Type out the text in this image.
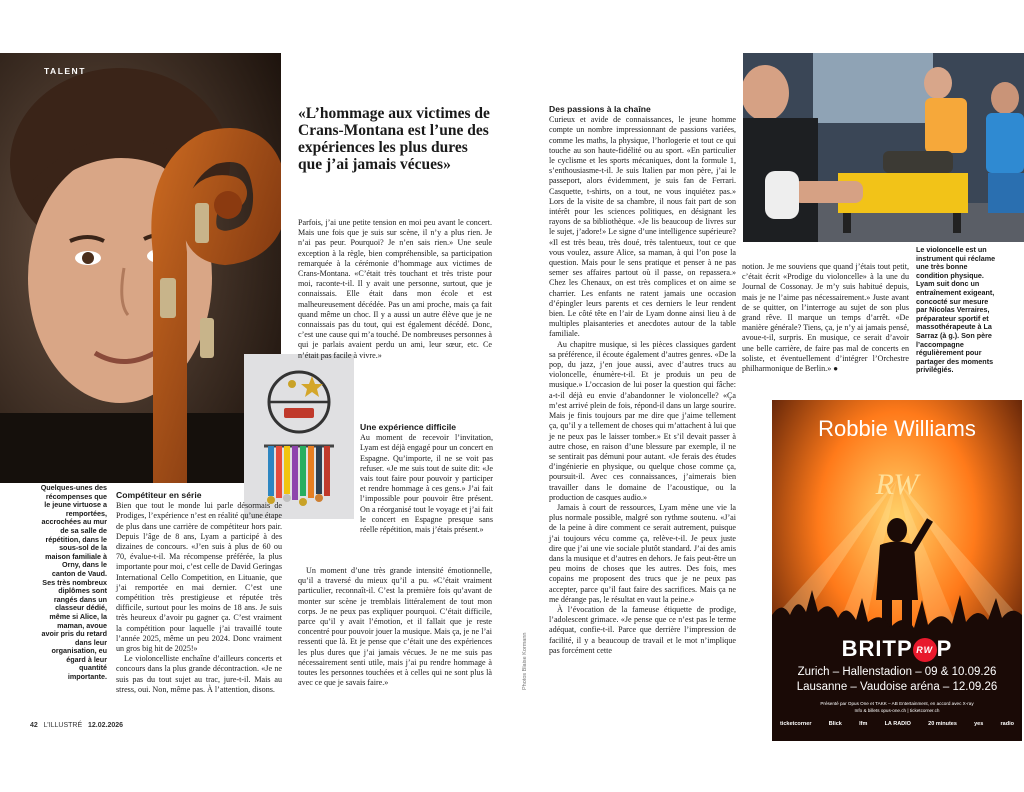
TALENT
«L’hommage aux victimes de Crans-Montana est l’une des expériences les plus dures que j’ai jamais vécues»
Quelques-unes des récompenses que le jeune virtuose a remportées, accrochées au mur de sa salle de répétition, dans le sous-sol de la maison familiale à Orny, dans le canton de Vaud. Ses très nombreux diplômes sont rangés dans un classeur dédié, même si Alice, la maman, avoue avoir pris du retard dans leur organisation, eu égard à leur quantité importante.
Compétiteur en série

Bien que tout le monde lui parle désormais de Prodiges, l’expérience n’est en réalité qu’une étape de plus dans une carrière de compétiteur hors pair. Depuis l’âge de 8 ans, Lyam a participé à des dizaines de concours. «J’en suis à plus de 60 ou 70, évalue-t-il. Ma récompense préférée, la plus importante pour moi, c’est celle de David Geringas International Cello Competition, en Lituanie, que j’ai remportée en mai dernier. C’est une compétition très prestigieuse et réputée très difficile, surtout pour les moins de 18 ans. Je suis très heureux d’avoir pu gagner ça. C’est vraiment la compétition pour laquelle j’ai travaillé toute l’année 2025, même un peu 2024. Donc vraiment un gros big hit de 2025!»

Le violoncelliste enchaîne d’ailleurs concerts et concours dans la plus grande décontraction. «Je ne suis pas du tout sujet au trac, jure-t-il. Mais au stress, oui. Non, même pas. À l’attention, disons.

Parfois, j’ai une petite tension en moi peu avant le concert. Mais une fois que je suis sur scène, il n’y a plus rien. Je n’ai pas peur. Pourquoi? Je n’en sais rien.» Une seule exception à la règle, bien compréhensible, sa participation remarquée à la cérémonie d’hommage aux victimes de Crans-Montana. «C’était très touchant et très triste pour moi, raconte-t-il. Il y avait une personne, surtout, que je connaissais. Elle était dans mon école et est malheureusement décédée. Pas un ami proche, mais ça fait quand même un choc. Il y a aussi un autre élève que je ne connaissais pas du tout, qui est également décédé. Donc, c’est une cause qui m’a touché. De nombreuses personnes à qui je parlais avaient perdu un ami, leur sœur, etc. Ce n’était pas facile à vivre.»

Une expérience difficile

Au moment de recevoir l’invitation, Lyam est déjà engagé pour un concert en Espagne. Qu’importe, il ne se voit pas refuser. «Je me suis tout de suite dit: «Je vais tout faire pour pouvoir y participer et rendre hommage à ces gens.» J’ai fait l’impossible pour pouvoir être présent. On a réorganisé tout le voyage et j’ai fait le concert en Espagne presque sans réelle répétition, mais j’étais présent.»

Un moment d’une très grande intensité émotionnelle, qu’il a traversé du mieux qu’il a pu. «C’était vraiment particulier, reconnaît-il. C’est la première fois qu’avant de monter sur scène je tremblais littéralement de tout mon corps. Je ne peux pas expliquer pourquoi. C’était difficile, parce qu’il y avait l’émotion, et il fallait que je reste concentré pour pouvoir jouer la musique. Mais ça, je ne l’ai ressenti que là. Et je pense que c’était une des expériences les plus dures que j’ai jamais vécues. Je ne me suis pas nécessairement senti utile, mais j’ai pu rendre hommage à toutes les personnes touchées et à celles qui ne sont plus là avec ce que je savais faire.»

42 L’ILLUSTRÉ 12.02.2026
Des passions à la chaîne

Curieux et avide de connaissances, le jeune homme compte un nombre impressionnant de passions variées, comme les maths, la physique, l’horlogerie et tout ce qui touche au son haute-fidélité ou au sport. «En particulier le cyclisme et les sports mécaniques, dont la formule 1, s’enthousiasme-t-il. Je suis Italien par mon père, j’ai le passeport, alors évidemment, je suis fan de Ferrari. Casquette, t-shirts, on a tout, ne vous inquiétez pas.» Lors de la visite de sa chambre, il nous fait part de son intérêt pour les sciences politiques, en désignant les rayons de sa bibliothèque. «Je lis beaucoup de livres sur le sujet, j’adore!» Le signe d’une intelligence supérieure? «Il est très beau, très doué, très talentueux, tout ce que vous voulez, assure Alice, sa maman, à qui l’on pose la question. Mais pour le sens pratique et penser à ne pas semer ses affaires partout où il passe, on repassera.» Chez les Chenaux, on est très complices et on aime se charrier. Les enfants ne ratent jamais une occasion d’épingler leurs parents et ces derniers le leur rendent bien. Le côté tête en l’air de Lyam donne ainsi lieu à de multiples plaisanteries et anecdotes autour de la table familiale.

Au chapitre musique, si les pièces classiques gardent sa préférence, il écoute également d’autres genres. «De la pop, du jazz, j’en joue aussi, avec d’autres trucs au violoncelle, énumère-t-il. Et je produis un peu de musique.» L’occasion de lui poser la question qui fâche: a-t-il déjà eu envie d’abandonner le violoncelle? «Ça m’est arrivé plein de fois, répond-il dans un large sourire. Mais je finis toujours par me dire que j’aime tellement ça, qu’il y a tellement de choses qui m’attachent à lui que je ne peux pas le laisser tomber.» Et s’il devait passer à autre chose, en raison d’une blessure par exemple, il ne se sentirait pas démuni pour autant. «Je ferais des études d’ingénierie en physique, ou quelque chose comme ça, poursuit-il. Avec ces connaissances, j’aimerais bien travailler dans le domaine de l’acoustique, ou la production de casques audio.»

Jamais à court de ressources, Lyam mène une vie la plus normale possible, malgré son rythme soutenu. «J’ai de la peine à dire comment ce serait autrement, puisque j’ai toujours vécu comme ça, relève-t-il. Je peux juste dire que j’ai une vie sociale plutôt standard. J’ai des amis dans la musique et d’autres en dehors. Je fais peut-être un peu moins de choses que les autres. Des fois, mes copains me proposent des trucs que je ne peux pas accepter, parce qu’il faut faire des sacrifices. Mais ça ne me dérange pas, le résultat en vaut la peine.»

À l’évocation de la fameuse étiquette de prodige, l’adolescent grimace. «Je pense que ce n’est pas le terme adéquat, confie-t-il. Parce que derrière l’impression de facilité, il y a beaucoup de travail et le mot n’implique pas forcément cette

Photos Blaise Kormann
Le violoncelle est un instrument qui réclame une très bonne condition physique. Lyam suit donc un entraînement exigeant, concocté sur mesure par Nicolas Verraires, préparateur sportif et massothérapeute à La Sarraz (à g.). Son père l’accompagne régulièrement pour partager des moments privilégiés.

notion. Je me souviens que quand j’étais tout petit, c’était écrit «Prodige du violoncelle» à la une du Journal de Cossonay. Je m’y suis habitué depuis, mais je ne l’aime pas nécessairement.» Juste avant de se quitter, on l’interroge au sujet de son plus grand rêve. Il marque un temps d’arrêt. «De manière générale? Tiens, ça, je n’y ai jamais pensé, avoue-t-il, surpris. En musique, ce serait d’avoir une belle carrière, de faire pas mal de concerts en soliste, et éventuellement d’intégrer l’Orchestre philharmonique de Berlin.» ●

Robbie Williams
RW
BRITP RW P
Zurich – Hallenstadion – 09 & 10.09.26
Lausanne – Vaudoise aréna – 12.09.26
Présenté par Opus One et TAKK – AB Entertainment, en accord avec X-ray
Info & billets opus-one.ch | ticketcorner.ch
ticketcorner	Blick	lfm	LA RADIO	20 minutes	yes	radio
